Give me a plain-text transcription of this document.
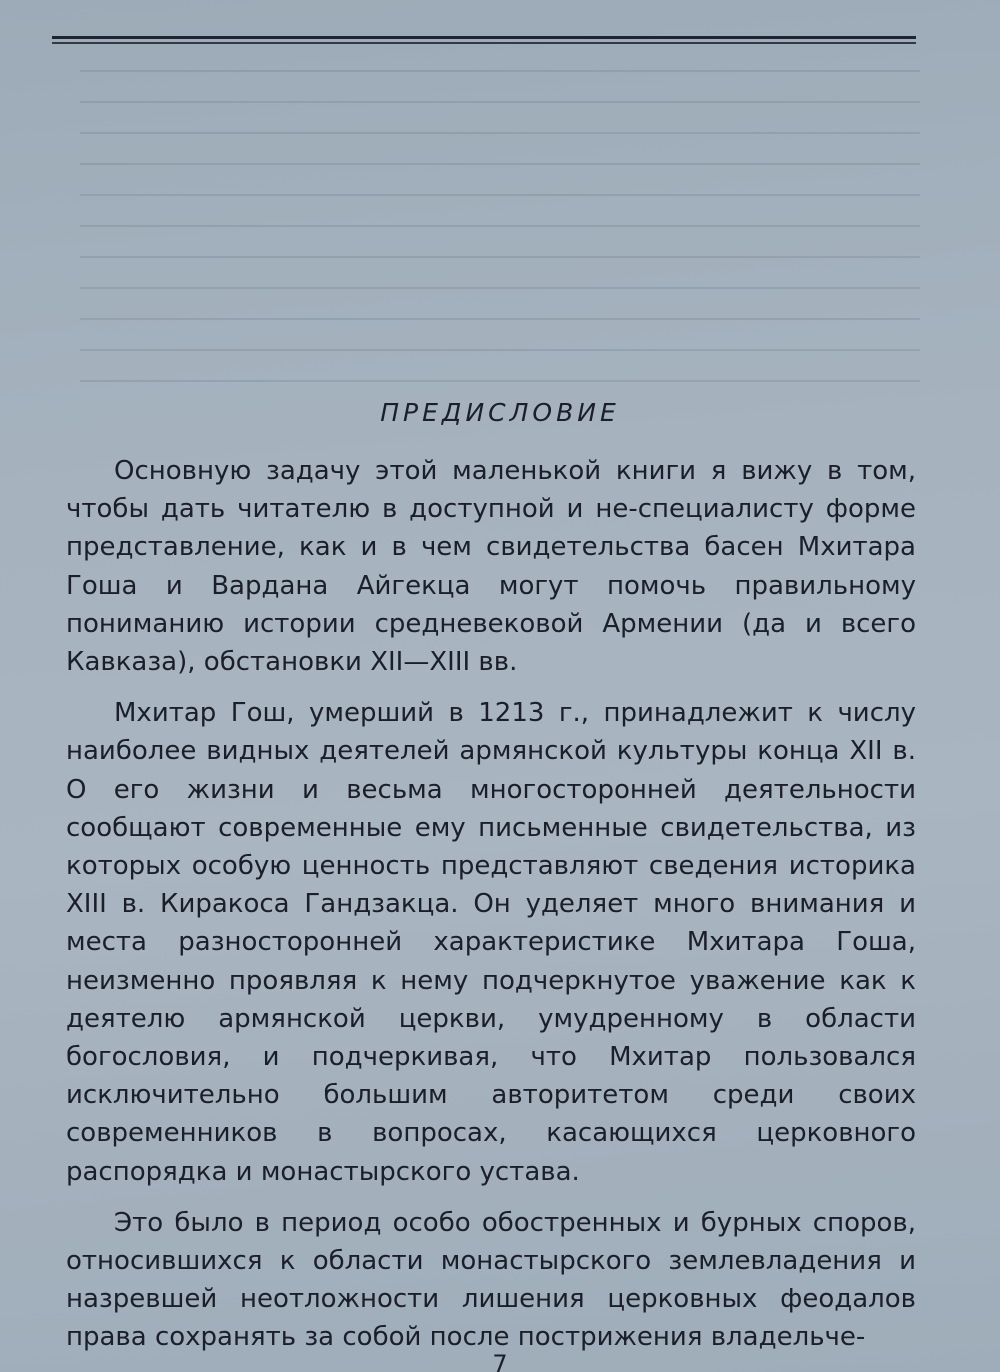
ПРЕДИСЛОВИЕ

Основную задачу этой маленькой книги я вижу в том, чтобы дать читателю в доступной и не-специалисту форме представление, как и в чем свидетельства басен Мхитара Гоша и Вардана Айгекца могут помочь правильному пониманию истории средневековой Армении (да и всего Кавказа), обстановки XII—XIII вв.

Мхитар Гош, умерший в 1213 г., принадлежит к числу наиболее видных деятелей армянской культуры конца XII в. О его жизни и весьма многосторонней деятельности сообщают современные ему письменные свидетельства, из которых особую ценность представляют сведения историка XIII в. Киракоса Гандзакца. Он уделяет много внимания и места разносторонней характеристике Мхитара Гоша, неизменно проявляя к нему подчеркнутое уважение как к деятелю армянской церкви, умудренному в области богословия, и подчеркивая, что Мхитар пользовался исключительно большим авторитетом среди своих современников в вопросах, касающихся церковного распорядка и монастырского устава.

Это было в период особо обостренных и бурных споров, относившихся к области монастырского землевладения и назревшей неотложности лишения церковных феодалов права сохранять за собой после пострижения владельче-

7
